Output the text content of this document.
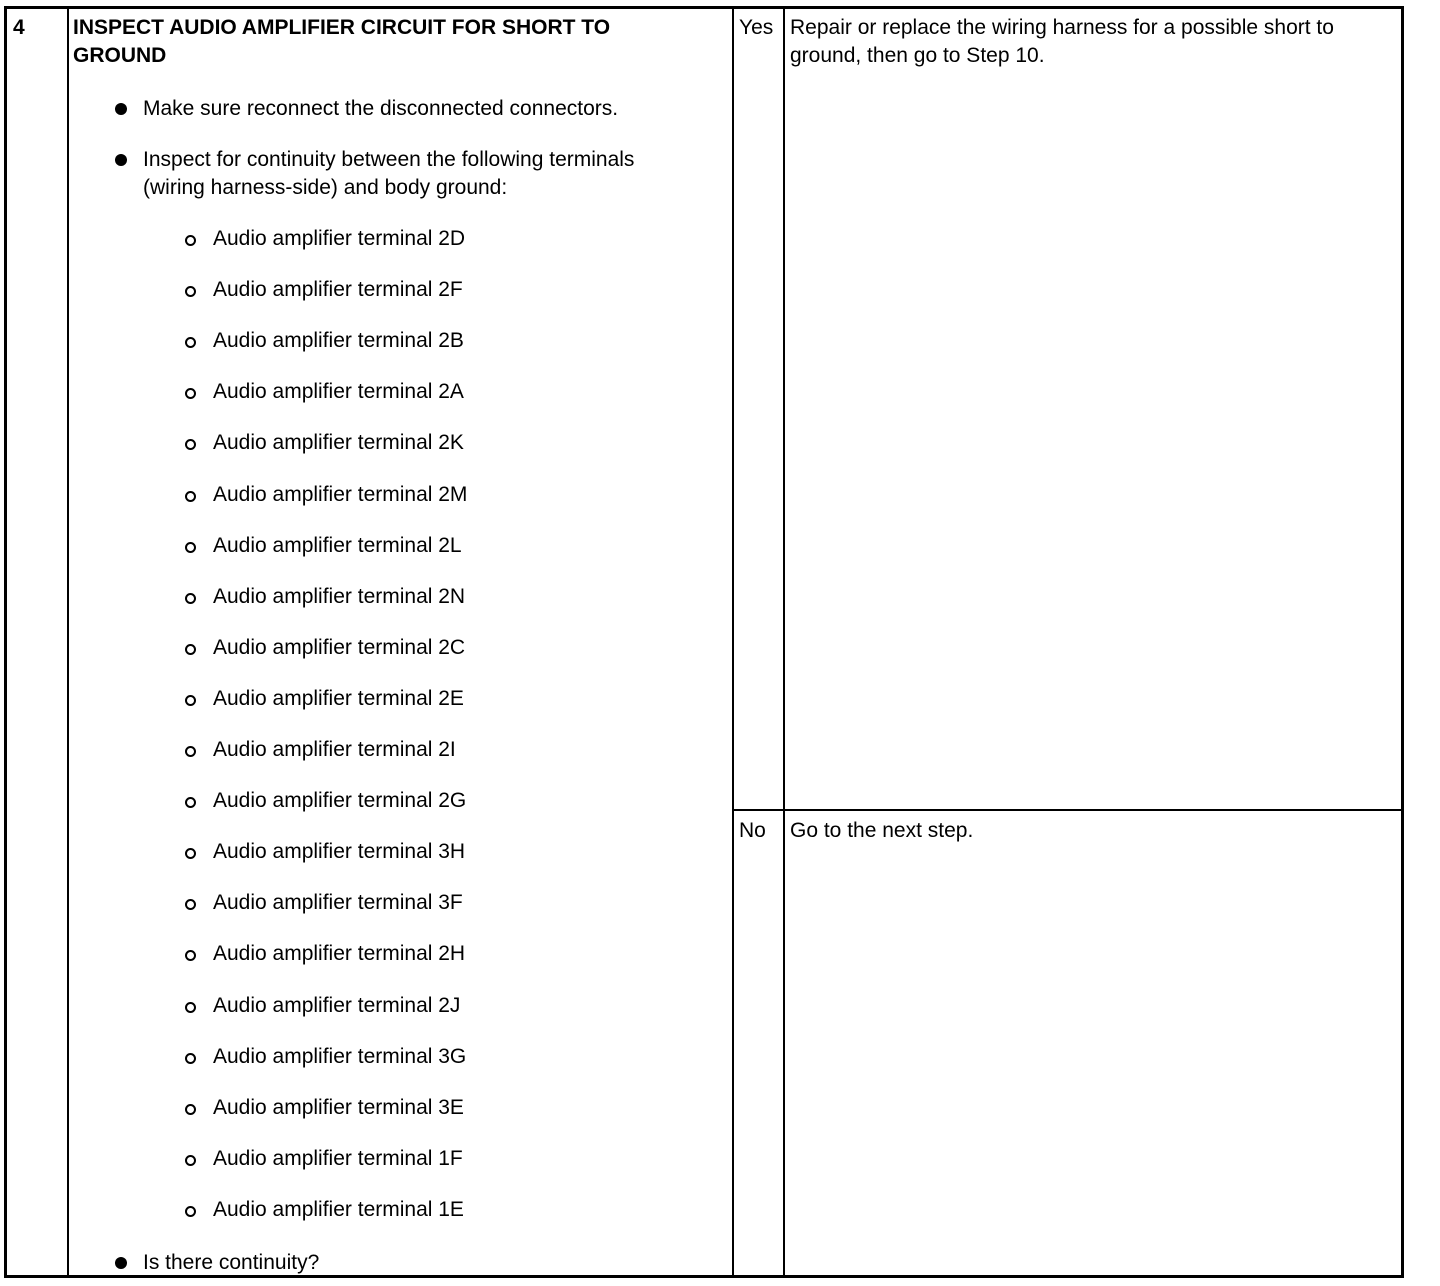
4 INSPECT AUDIO AMPLIFIER CIRCUIT FOR SHORT TO
GROUND
Make sure reconnect the disconnected connectors.
Inspect for continuity between the following terminals
(wiring harness-side) and body ground:
Audio amplifier terminal 2D
Audio amplifier terminal 2F
Audio amplifier terminal 2B
Audio amplifier terminal 2A
Audio amplifier terminal 2K
Audio amplifier terminal 2M
Audio amplifier terminal 2L
Audio amplifier terminal 2N
Audio amplifier terminal 2C
Audio amplifier terminal 2E
Audio amplifier terminal 2I
Audio amplifier terminal 2G
Audio amplifier terminal 3H
Audio amplifier terminal 3F
Audio amplifier terminal 2H
Audio amplifier terminal 2J
Audio amplifier terminal 3G
Audio amplifier terminal 3E
Audio amplifier terminal 1F
Audio amplifier terminal 1E
Is there continuity?
Yes Repair or replace the wiring harness for a possible short to
ground, then go to Step 10.
No Go to the next step.
